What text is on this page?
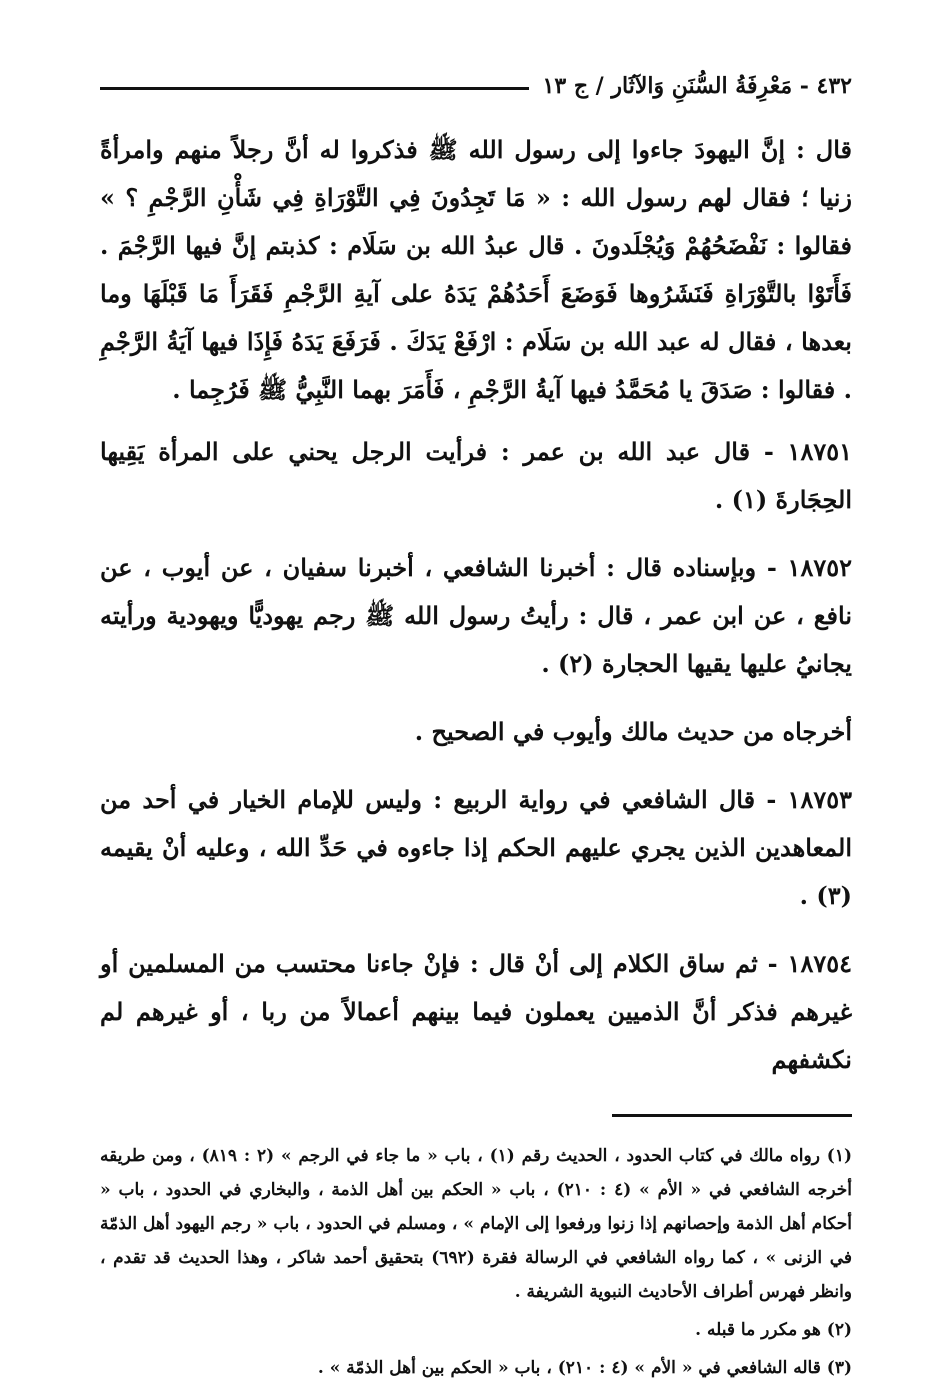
٤٣٢ - مَعْرِفَةُ السُّنَنِ وَالآثَار / ج ١٣

قال : إنَّ اليهودَ جاءوا إلى رسول الله ﷺ فذكروا له أنَّ رجلاً منهم وامرأةً زنيا ؛ فقال لهم رسول الله : « مَا تَجِدُونَ فِي التَّوْرَاةِ فِي شَأْنِ الرَّجْمِ ؟ » فقالوا : نَفْضَحُهُمْ وَيُجْلَدونَ . قال عبدُ الله بن سَلَام : كذبتم إنَّ فيها الرَّجْمَ . فَأَتَوْا بالتَّوْرَاةِ فَنَشَرُوها فَوَضَعَ أَحَدُهُمْ يَدَهُ على آيةِ الرَّجْمِ فَقَرَأَ مَا قَبْلَهَا وما بعدها ، فقال له عبد الله بن سَلَام : ارْفَعْ يَدَكَ . فَرَفَعَ يَدَهُ فَإِذَا فيها آيَةُ الرَّجْمِ . فقالوا : صَدَقَ يا مُحَمَّدُ فيها آيةُ الرَّجْمِ ، فَأَمَرَ بهما النَّبِيُّ ﷺ فَرُجِما .

١٨٧٥١ - قال عبد الله بن عمر : فرأيت الرجل يحني على المرأة يَقِيها الحِجَارةَ (١) .

١٨٧٥٢ - وبإسناده قال : أخبرنا الشافعي ، أخبرنا سفيان ، عن أيوب ، عن نافع ، عن ابن عمر ، قال : رأيتُ رسول الله ﷺ رجم يهوديًّا ويهودية ورأيته يجانيُ عليها يقيها الحجارة (٢) .

أخرجاه من حديث مالك وأيوب في الصحيح .

١٨٧٥٣ - قال الشافعي في رواية الربيع : وليس للإمام الخيار في أحد من المعاهدين الذين يجري عليهم الحكم إذا جاءوه في حَدِّ الله ، وعليه أنْ يقيمه (٣) .

١٨٧٥٤ - ثم ساق الكلام إلى أنْ قال : فإنْ جاءنا محتسب من المسلمين أو غيرهم فذكر أنَّ الذميين يعملون فيما بينهم أعمالاً من ربا ، أو غيرهم لم نكشفهم

(١) رواه مالك في كتاب الحدود ، الحديث رقم (١) ، باب « ما جاء في الرجم » (٢ : ٨١٩) ، ومن طريقه أخرجه الشافعي في « الأم » (٤ : ٢١٠) ، باب « الحكم بين أهل الذمة ، والبخاري في الحدود ، باب « أحكام أهل الذمة وإحصانهم إذا زنوا ورفعوا إلى الإمام » ، ومسلم في الحدود ، باب « رجم اليهود أهل الذمّة في الزنى » ، كما رواه الشافعي في الرسالة فقرة (٦٩٢) بتحقيق أحمد شاكر ، وهذا الحديث قد تقدم ، وانظر فهرس أطراف الأحاديث النبوية الشريفة .

(٢) هو مكرر ما قبله .

(٣) قاله الشافعي في « الأم » (٤ : ٢١٠) ، باب « الحكم بين أهل الذمّة » .
